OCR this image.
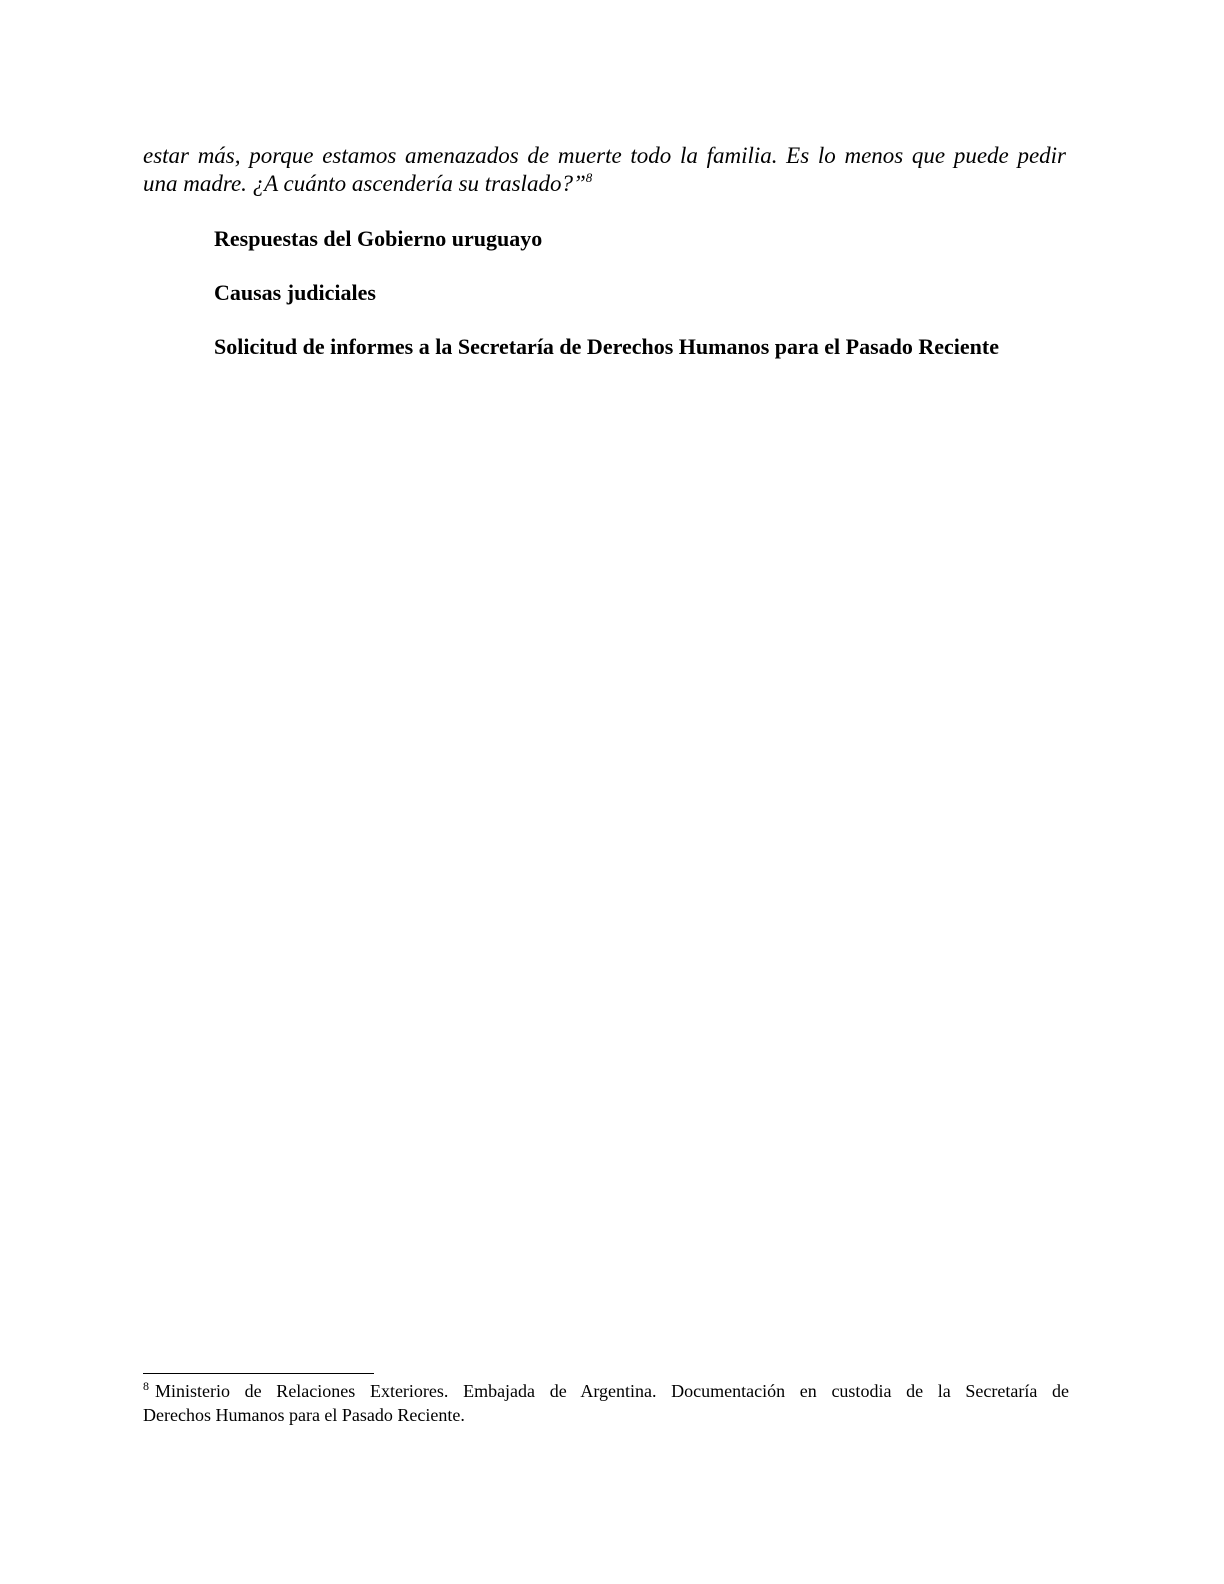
estar más, porque estamos amenazados de muerte todo la familia. Es lo menos que puede pedir
una madre. ¿A cuánto ascendería su traslado?”$^8$

Respuestas del Gobierno uruguayo
Causas judiciales
Solicitud de informes a la Secretaría de Derechos Humanos para el Pasado Reciente

$^8$ Ministerio de Relaciones Exteriores. Embajada de Argentina. Documentación en custodia de la Secretaría de
Derechos Humanos para el Pasado Reciente.
